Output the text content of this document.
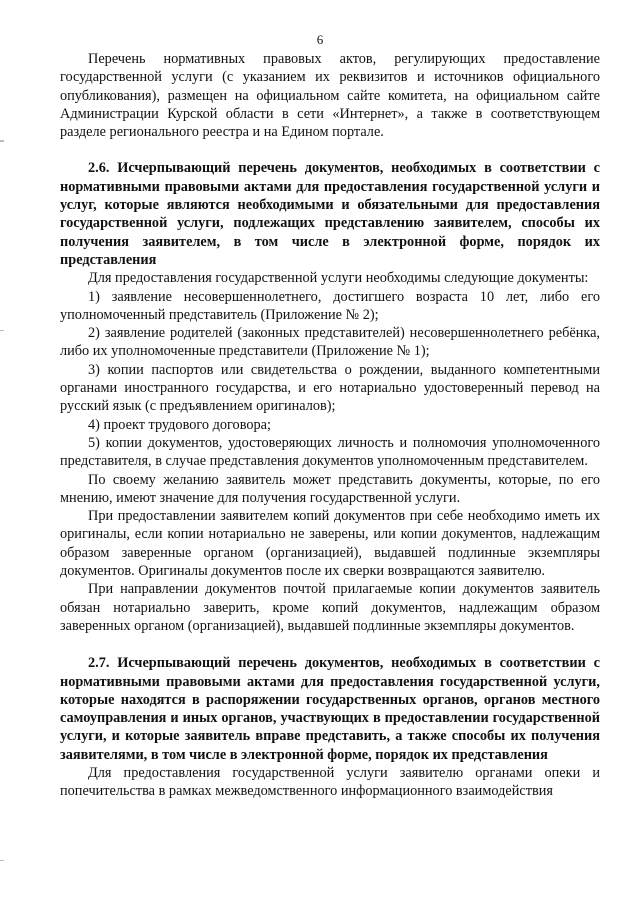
6

Перечень нормативных правовых актов, регулирующих предоставление государственной услуги (с указанием их реквизитов и источников официального опубликования), размещен на официальном сайте комитета, на официальном сайте Администрации Курской области в сети «Интернет», а также в соответствующем разделе регионального реестра и на Едином портале.

2.6. Исчерпывающий перечень документов, необходимых в соответствии с нормативными правовыми актами для предоставления государственной услуги и услуг, которые являются необходимыми и обязательными для предоставления государственной услуги, подлежащих представлению заявителем, способы их получения заявителем, в том числе в электронной форме, порядок их представления

Для предоставления государственной услуги необходимы следующие документы:

1) заявление несовершеннолетнего, достигшего возраста 10 лет, либо его уполномоченный представитель (Приложение № 2);

2) заявление родителей (законных представителей) несовершеннолетнего ребёнка, либо их уполномоченные представители (Приложение № 1);

3) копии паспортов или свидетельства о рождении, выданного компетентными органами иностранного государства, и его нотариально удостоверенный перевод на русский язык (с предъявлением оригиналов);

4) проект трудового договора;

5) копии документов, удостоверяющих личность и полномочия уполномоченного представителя, в случае представления документов уполномоченным представителем.

По своему желанию заявитель может представить документы, которые, по его мнению, имеют значение для получения государственной услуги.

При предоставлении заявителем копий документов при себе необходимо иметь их оригиналы, если копии нотариально не заверены, или копии документов, надлежащим образом заверенные органом (организацией), выдавшей подлинные экземпляры документов. Оригиналы документов после их сверки возвращаются заявителю.

При направлении документов почтой прилагаемые копии документов заявитель обязан нотариально заверить, кроме копий документов, надлежащим образом заверенных органом (организацией), выдавшей подлинные экземпляры документов.

2.7. Исчерпывающий перечень документов, необходимых в соответствии с нормативными правовыми актами для предоставления государственной услуги, которые находятся в распоряжении государственных органов, органов местного самоуправления и иных органов, участвующих в предоставлении государственной услуги, и которые заявитель вправе представить, а также способы их получения заявителями, в том числе в электронной форме, порядок их представления

Для предоставления государственной услуги заявителю органами опеки и попечительства в рамках межведомственного информационного взаимодействия
